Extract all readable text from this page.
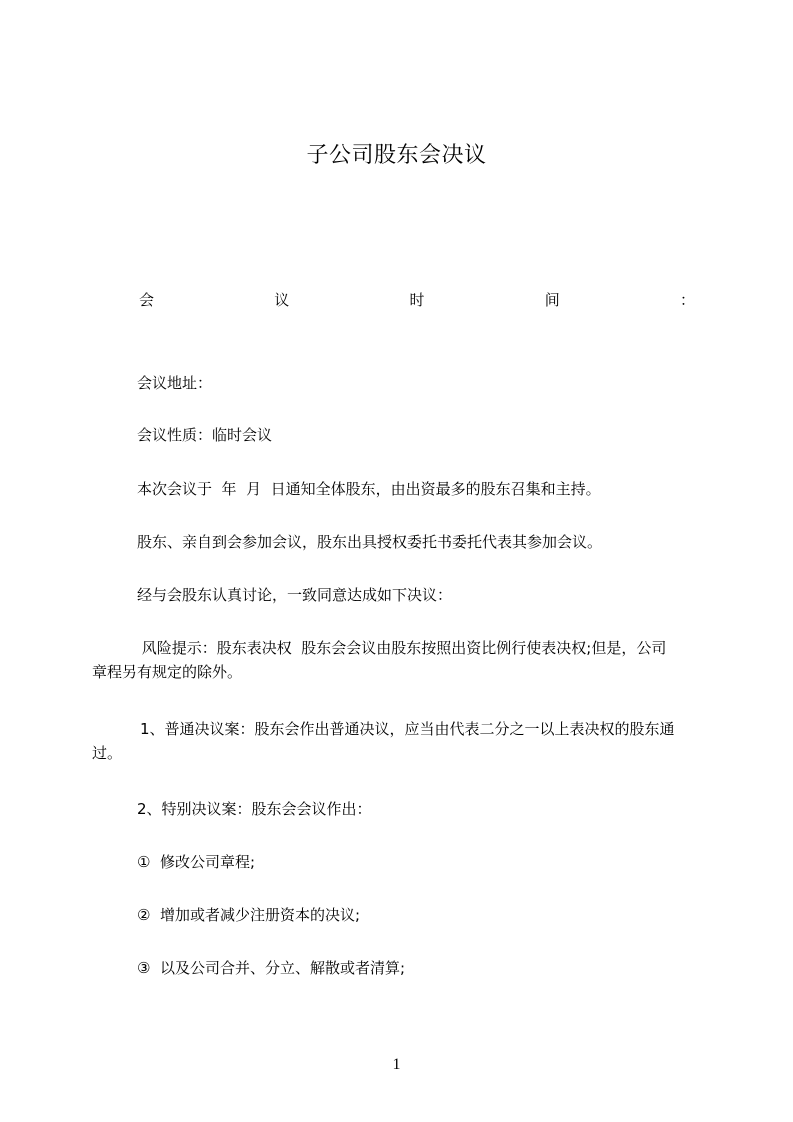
子公司股东会决议
会	议	时	间	：
会议地址：
会议性质：临时会议
本次会议于  年  月  日通知全体股东，由出资最多的股东召集和主持。
股东、亲自到会参加会议，股东出具授权委托书委托代表其参加会议。
经与会股东认真讨论，一致同意达成如下决议：
风险提示：股东表决权  股东会会议由股东按照出资比例行使表决权;但是，公司
章程另有规定的除外。
1、普通决议案：股东会作出普通决议，应当由代表二分之一以上表决权的股东通
过。
2、特别决议案：股东会会议作出：
①  修改公司章程;
②  增加或者减少注册资本的决议;
③  以及公司合并、分立、解散或者清算;
1
